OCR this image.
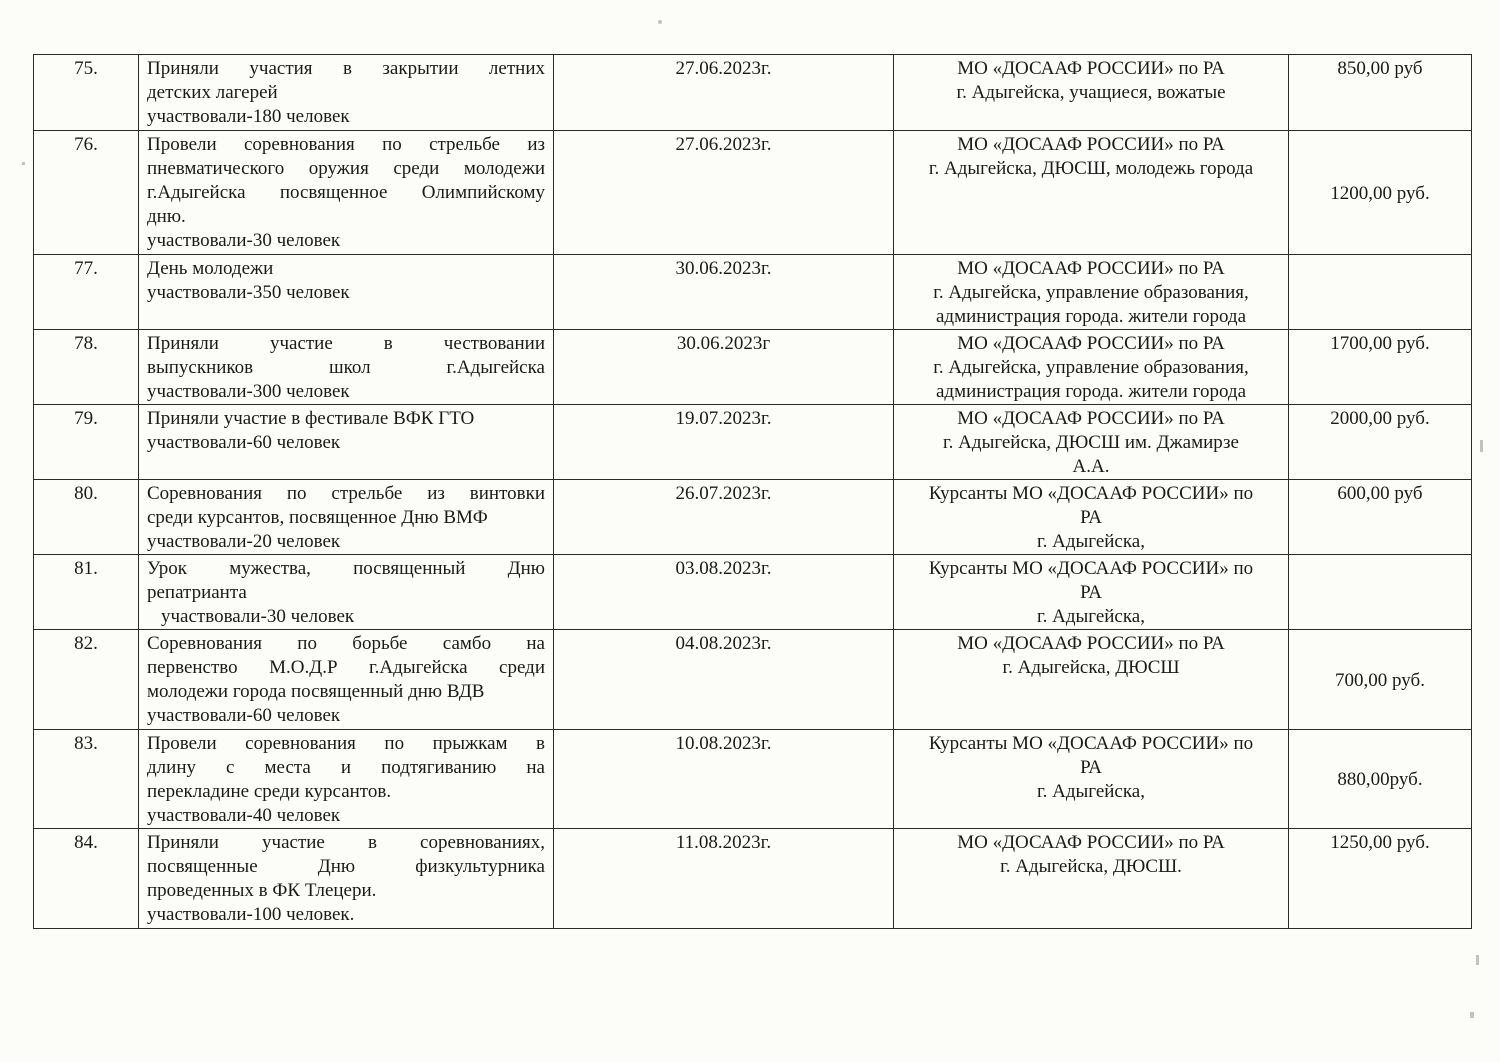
75.	Приняли участия в закрытии летних
детских лагерей
участвовали-180 человек	27.06.2023г.	МО «ДОСААФ РОССИИ» по РА
г. Адыгейска, учащиеся, вожатые	850,00 руб
76.	Провели соревнования по стрельбе из
пневматического оружия среди молодежи
г.Адыгейска посвященное Олимпийскому
дню.
участвовали-30 человек	27.06.2023г.	МО «ДОСААФ РОССИИ» по РА
г. Адыгейска, ДЮСШ, молодежь города	1200,00 руб.
77.	День молодежи
участвовали-350 человек	30.06.2023г.	МО «ДОСААФ РОССИИ» по РА
г. Адыгейска, управление образования,
администрация города. жители города	

78.	Приняли участие в чествовании
выпускников школ г.Адыгейска
участвовали-300 человек	30.06.2023г	МО «ДОСААФ РОССИИ» по РА
г. Адыгейска, управление образования,
администрация города. жители города	1700,00 руб.
79.	Приняли участие в фестивале ВФК ГТО
участвовали-60 человек	19.07.2023г.	МО «ДОСААФ РОССИИ» по РА
г. Адыгейска, ДЮСШ им. Джамирзе
А.А.	2000,00 руб.
80.	Соревнования по стрельбе из винтовки
среди курсантов, посвященное Дню ВМФ
участвовали-20 человек	26.07.2023г.	Курсанты МО «ДОСААФ РОССИИ» по
РА
г. Адыгейска,	600,00 руб
81.	Урок мужества, посвященный Дню
репатрианта
участвовали-30 человек	03.08.2023г.	Курсанты МО «ДОСААФ РОССИИ» по
РА
г. Адыгейска,	

82.	Соревнования по борьбе самбо на
первенство М.О.Д.Р г.Адыгейска среди
молодежи города посвященный дню ВДВ
участвовали-60 человек	04.08.2023г.	МО «ДОСААФ РОССИИ» по РА
г. Адыгейска, ДЮСШ	700,00 руб.
83.	Провели соревнования по прыжкам в
длину с места и подтягиванию на
перекладине среди курсантов.
участвовали-40 человек	10.08.2023г.	Курсанты МО «ДОСААФ РОССИИ» по
РА
г. Адыгейска,	880,00руб.
84.	Приняли участие в соревнованиях,
посвященные Дню физкультурника
проведенных в ФК Тлецери.
участвовали-100 человек.	11.08.2023г.	МО «ДОСААФ РОССИИ» по РА
г. Адыгейска, ДЮСШ.	1250,00 руб.
